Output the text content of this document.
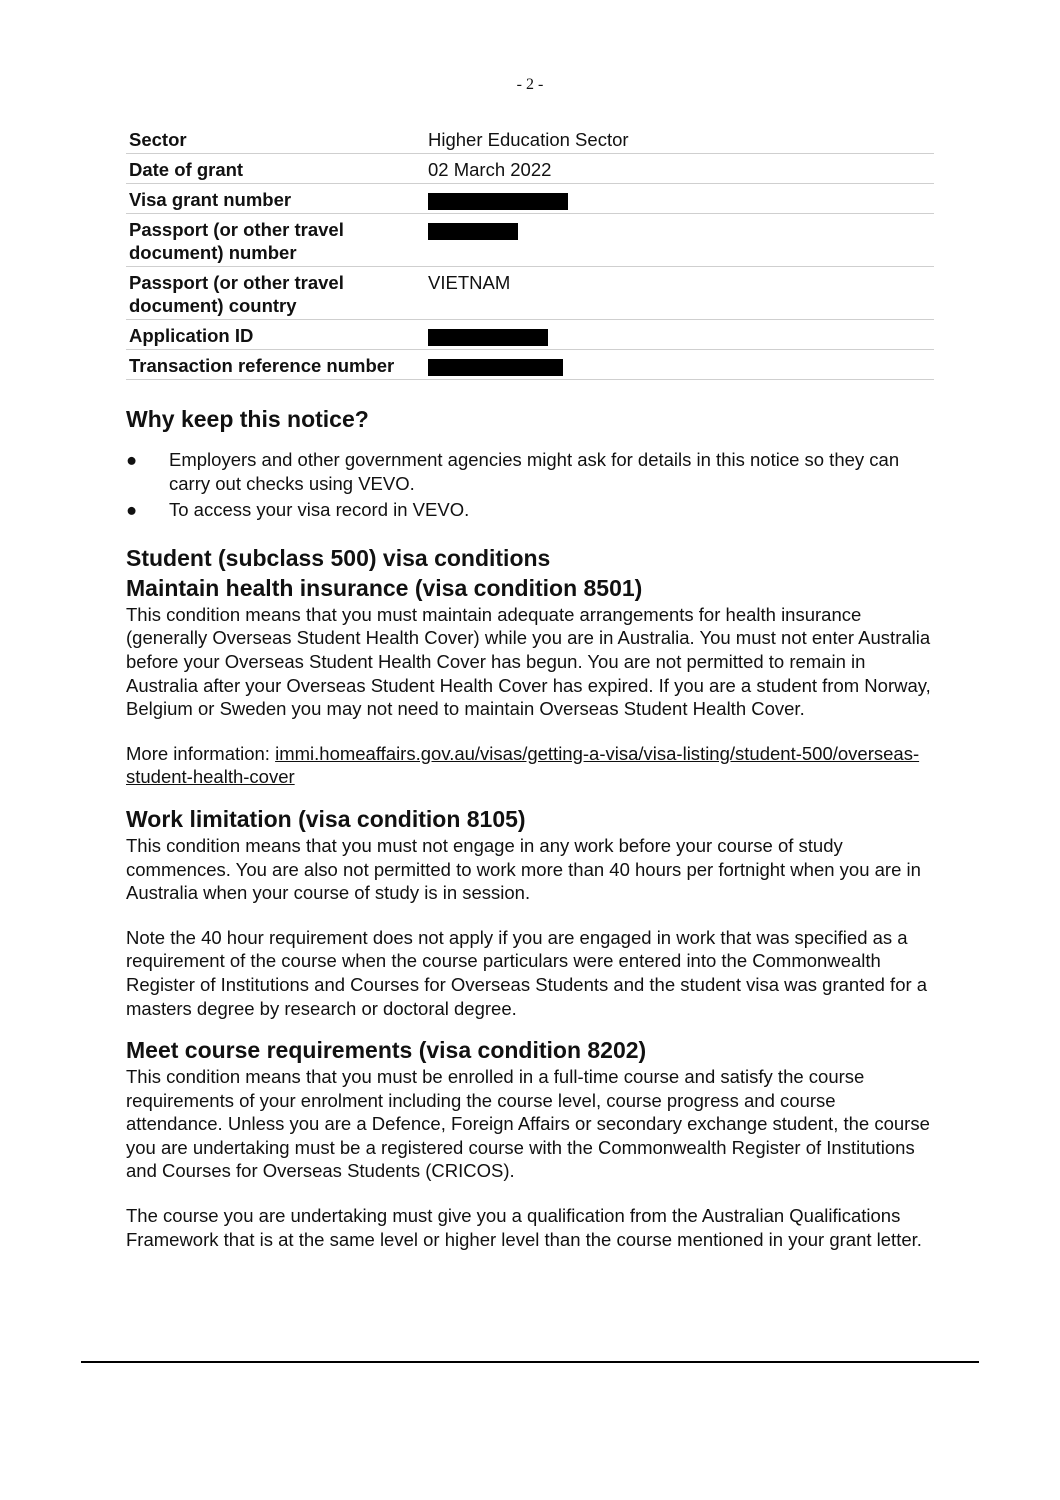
- 2 -
Sector	Higher Education Sector
Date of grant	02 March 2022
Visa grant number	
Passport (or other travel document) number	
Passport (or other travel document) country	VIETNAM
Application ID	
Transaction reference number	
Why keep this notice?
● Employers and other government agencies might ask for details in this notice so they can carry out checks using VEVO.
● To access your visa record in VEVO.
Student (subclass 500) visa conditions
Maintain health insurance (visa condition 8501)

This condition means that you must maintain adequate arrangements for health insurance (generally Overseas Student Health Cover) while you are in Australia. You must not enter Australia before your Overseas Student Health Cover has begun. You are not permitted to remain in Australia after your Overseas Student Health Cover has expired. If you are a student from Norway, Belgium or Sweden you may not need to maintain Overseas Student Health Cover.

More information: immi.homeaffairs.gov.au/visas/getting-a-visa/visa-listing/student-500/overseas-student-health-cover

Work limitation (visa condition 8105)

This condition means that you must not engage in any work before your course of study commences. You are also not permitted to work more than 40 hours per fortnight when you are in Australia when your course of study is in session.

Note the 40 hour requirement does not apply if you are engaged in work that was specified as a requirement of the course when the course particulars were entered into the Commonwealth Register of Institutions and Courses for Overseas Students and the student visa was granted for a masters degree by research or doctoral degree.

Meet course requirements (visa condition 8202)

This condition means that you must be enrolled in a full-time course and satisfy the course requirements of your enrolment including the course level, course progress and course attendance. Unless you are a Defence, Foreign Affairs or secondary exchange student, the course you are undertaking must be a registered course with the Commonwealth Register of Institutions and Courses for Overseas Students (CRICOS).

The course you are undertaking must give you a qualification from the Australian Qualifications Framework that is at the same level or higher level than the course mentioned in your grant letter.
